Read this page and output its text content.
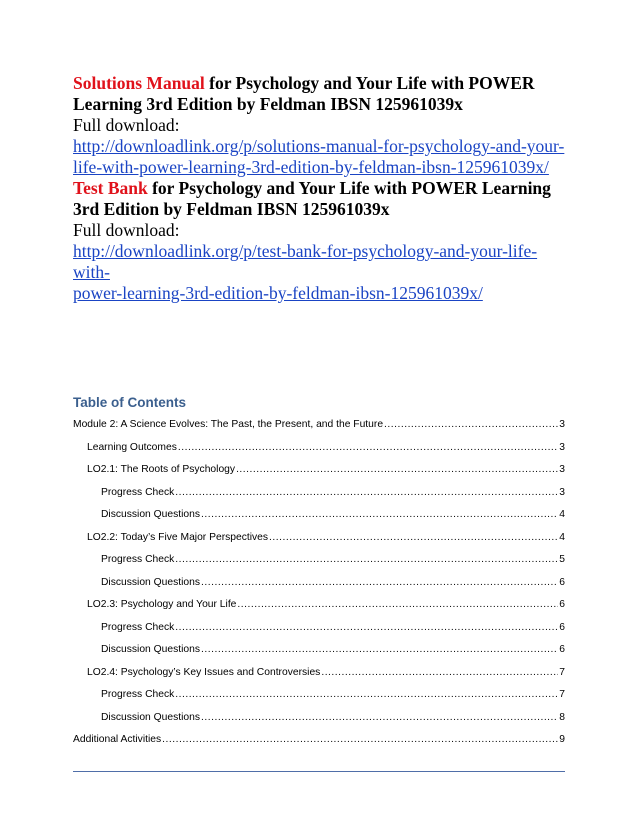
Solutions Manual for Psychology and Your Life with POWER Learning 3rd Edition by Feldman IBSN 125961039x

Full download:

http://downloadlink.org/p/solutions-manual-for-psychology-and-your-
life-with-power-learning-3rd-edition-by-feldman-ibsn-125961039x/

Test Bank for Psychology and Your Life with POWER Learning 3rd Edition by Feldman IBSN 125961039x

Full download:

http://downloadlink.org/p/test-bank-for-psychology-and-your-life-with-
power-learning-3rd-edition-by-feldman-ibsn-125961039x/

Table of Contents
Module 2: A Science Evolves: The Past, the Present, and the Future .....	3
Learning Outcomes .....	3
LO2.1: The Roots of Psychology .....	3
Progress Check .....	3
Discussion Questions .....	4
LO2.2: Today’s Five Major Perspectives .....	4
Progress Check .....	5
Discussion Questions .....	6
LO2.3: Psychology and Your Life .....	6
Progress Check .....	6
Discussion Questions .....	6
LO2.4: Psychology’s Key Issues and Controversies .....	7
Progress Check .....	7
Discussion Questions .....	8
Additional Activities .....	9
